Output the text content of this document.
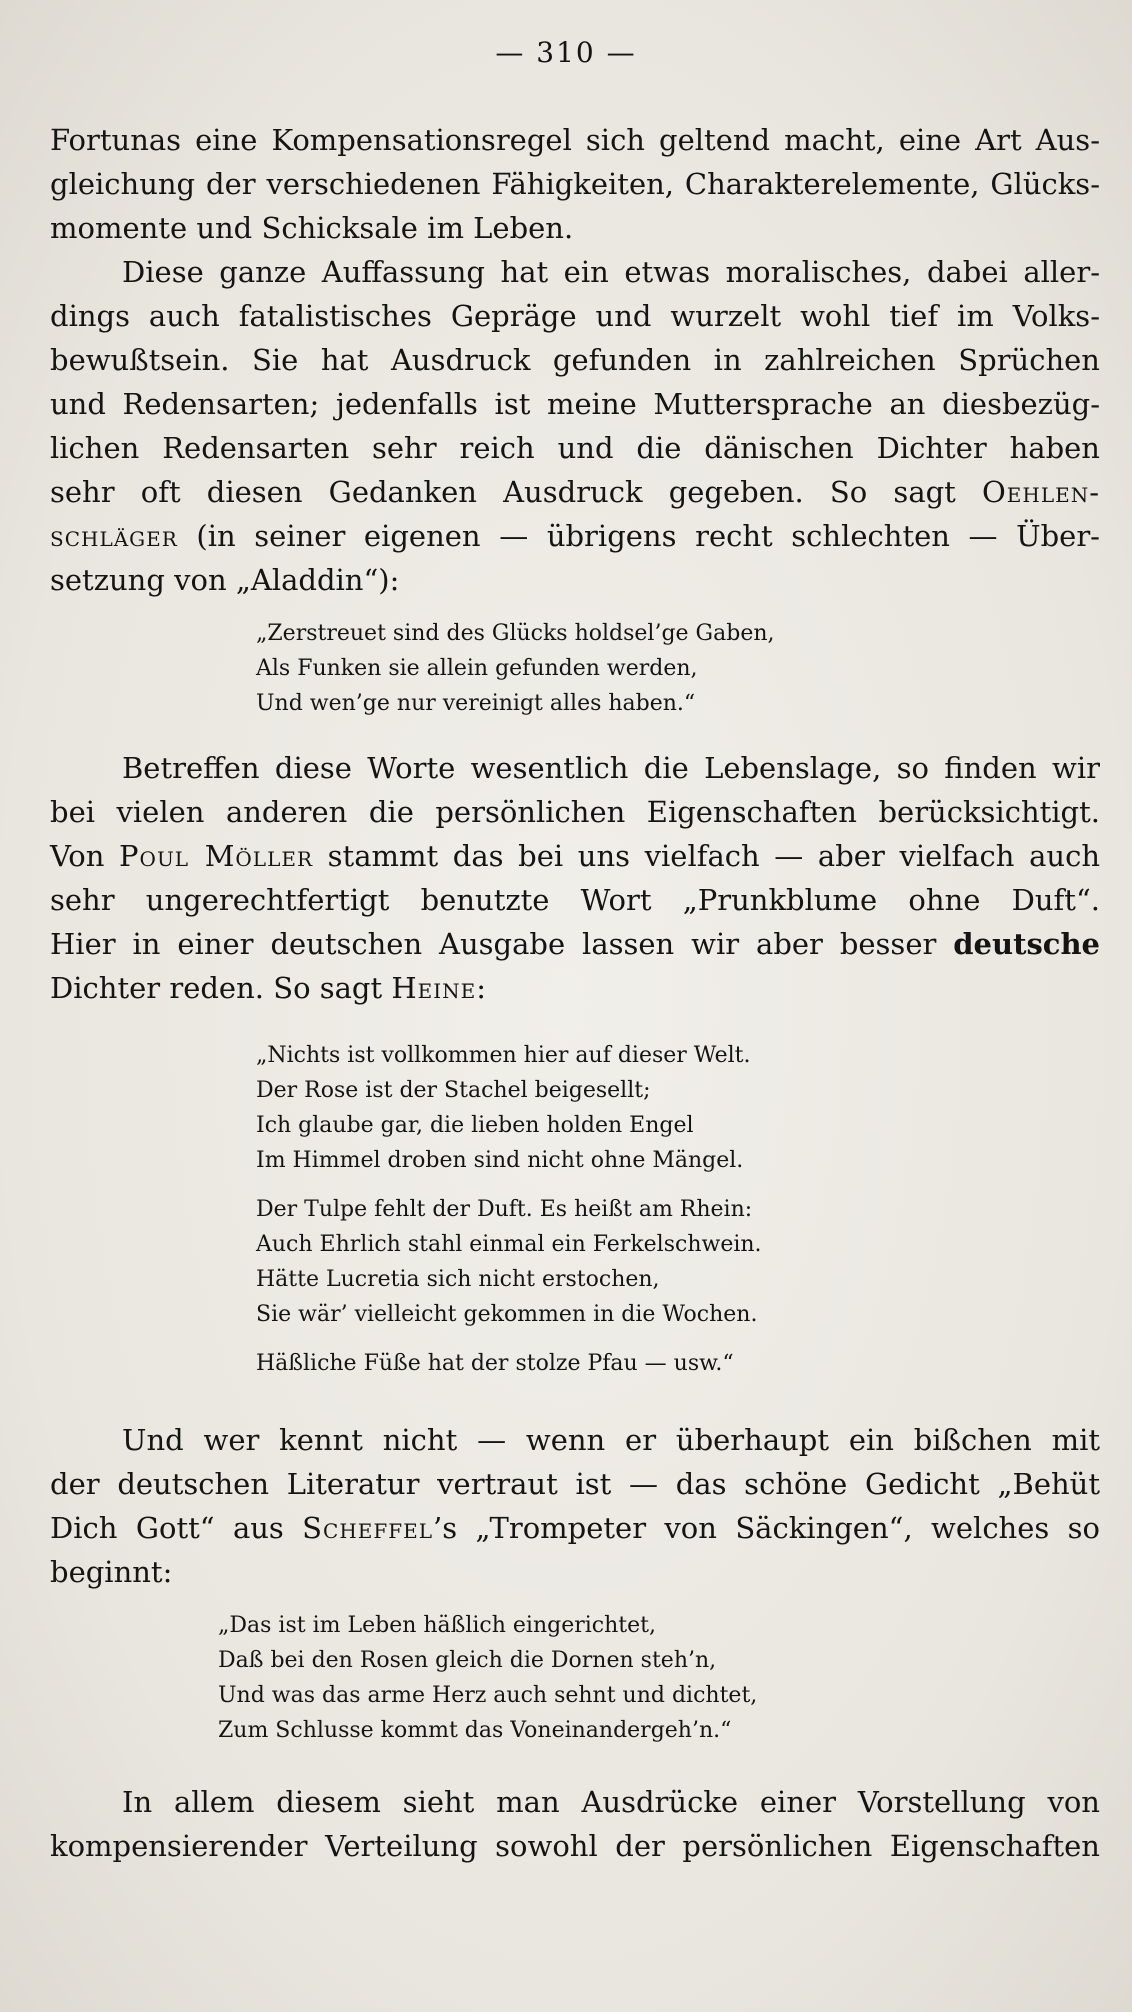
— 310 —
Fortunas eine Kompensationsregel sich geltend macht, eine Art Aus-
gleichung der verschiedenen Fähigkeiten, Charakterelemente, Glücks-
momente und Schicksale im Leben.
Diese ganze Auffassung hat ein etwas moralisches, dabei aller-
dings auch fatalistisches Gepräge und wurzelt wohl tief im Volks-
bewußtsein. Sie hat Ausdruck gefunden in zahlreichen Sprüchen
und Redensarten; jedenfalls ist meine Muttersprache an diesbezüg-
lichen Redensarten sehr reich und die dänischen Dichter haben
sehr oft diesen Gedanken Ausdruck gegeben. So sagt Oehlen-
schläger (in seiner eigenen — übrigens recht schlechten — Über-
setzung von „Aladdin“):
„Zerstreuet sind des Glücks holdsel’ge Gaben,
Als Funken sie allein gefunden werden,
Und wen’ge nur vereinigt alles haben.“
Betreffen diese Worte wesentlich die Lebenslage, so finden wir
bei vielen anderen die persönlichen Eigenschaften berücksichtigt.
Von Poul Möller stammt das bei uns vielfach — aber vielfach auch
sehr ungerechtfertigt benutzte Wort „Prunkblume ohne Duft“.
Hier in einer deutschen Ausgabe lassen wir aber besser deutsche
Dichter reden. So sagt Heine:
„Nichts ist vollkommen hier auf dieser Welt.
Der Rose ist der Stachel beigesellt;
Ich glaube gar, die lieben holden Engel
Im Himmel droben sind nicht ohne Mängel.
Der Tulpe fehlt der Duft. Es heißt am Rhein:
Auch Ehrlich stahl einmal ein Ferkelschwein.
Hätte Lucretia sich nicht erstochen,
Sie wär’ vielleicht gekommen in die Wochen.
Häßliche Füße hat der stolze Pfau — usw.“
Und wer kennt nicht — wenn er überhaupt ein bißchen mit
der deutschen Literatur vertraut ist — das schöne Gedicht „Behüt
Dich Gott“ aus Scheffel’s „Trompeter von Säckingen“, welches so
beginnt:
„Das ist im Leben häßlich eingerichtet,
Daß bei den Rosen gleich die Dornen steh’n,
Und was das arme Herz auch sehnt und dichtet,
Zum Schlusse kommt das Voneinandergeh’n.“
In allem diesem sieht man Ausdrücke einer Vorstellung von
kompensierender Verteilung sowohl der persönlichen Eigenschaften
